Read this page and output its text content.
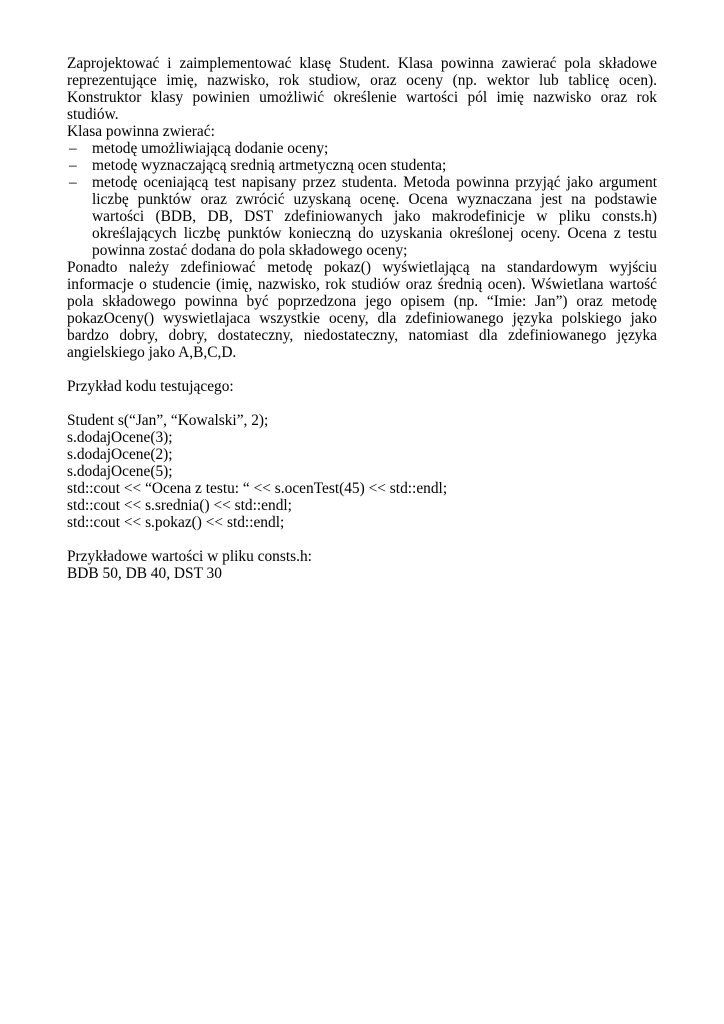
Zaprojektować i zaimplementować klasę Student. Klasa powinna zawierać pola składowe reprezentujące imię, nazwisko, rok studiow, oraz oceny (np. wektor lub tablicę ocen). Konstruktor klasy powinien umożliwić określenie wartości pól imię nazwisko oraz rok studiów.

Klasa powinna zwierać:

– metodę umożliwiającą dodanie oceny;
– metodę wyznaczającą srednią artmetyczną ocen studenta;
– metodę oceniającą test napisany przez studenta. Metoda powinna przyjąć jako argument liczbę punktów oraz zwrócić uzyskaną ocenę. Ocena wyznaczana jest na podstawie wartości (BDB, DB, DST zdefiniowanych jako makrodefinicje w pliku consts.h) określających liczbę punktów konieczną do uzyskania określonej oceny. Ocena z testu powinna zostać dodana do pola składowego oceny;

Ponadto należy zdefiniować metodę pokaz() wyświetlającą na standardowym wyjściu informacje o studencie (imię, nazwisko, rok studiów oraz średnią ocen). Wświetlana wartość pola składowego powinna być poprzedzona jego opisem (np. “Imie: Jan”) oraz metodę pokazOceny() wyswietlajaca wszystkie oceny, dla zdefiniowanego języka polskiego jako bardzo dobry, dobry, dostateczny, niedostateczny, natomiast dla zdefiniowanego języka angielskiego jako A,B,C,D.

Przykład kodu testującego:

Student s(“Jan”, “Kowalski”, 2);

s.dodajOcene(3);

s.dodajOcene(2);

s.dodajOcene(5);

std::cout << “Ocena z testu: “ << s.ocenTest(45) << std::endl;

std::cout << s.srednia() << std::endl;

std::cout << s.pokaz() << std::endl;

Przykładowe wartości w pliku consts.h:

BDB 50, DB 40, DST 30
